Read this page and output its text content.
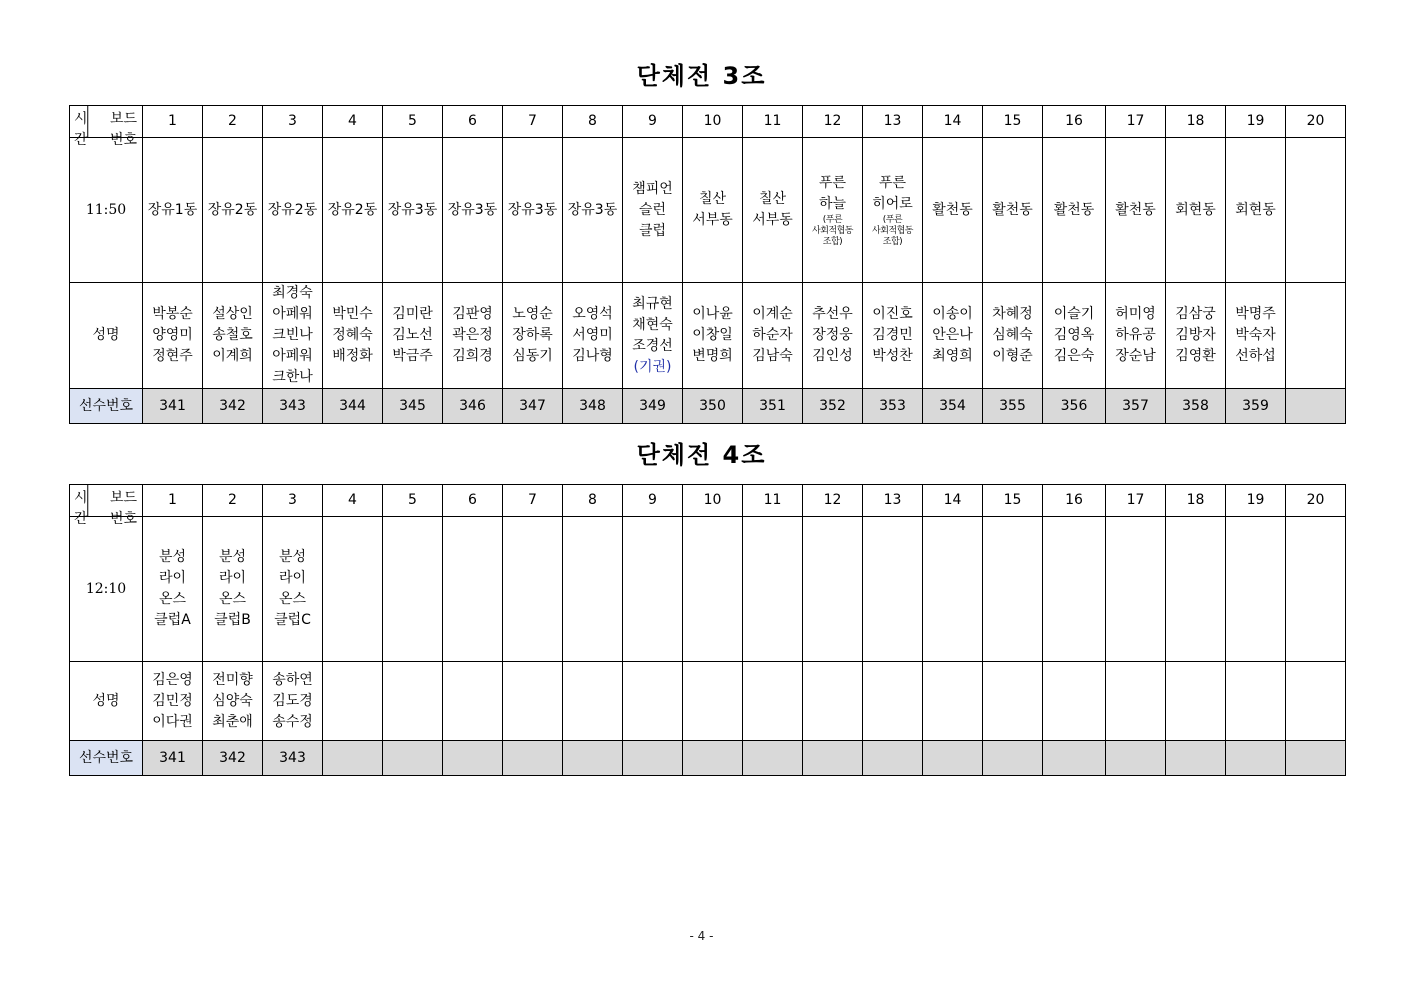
단체전 3조
시간
보드
번호	1	2	3	4	5	6	7	8	9	10	11	12	13	14	15	16	17	18	19	20
11:50	장유1동	장유2동	장유2동	장유2동	장유3동	장유3동	장유3동	장유3동	챔피언
슬런
클럽	칠산
서부동	칠산
서부동	푸른
하늘
(푸른
사회적협동
조합)	푸른
히어로
(푸른
사회적협동
조합)	활천동	활천동	활천동	활천동	회현동	회현동	

성명	박봉순
양영미
정현주	설상인
송철호
이계희	최경숙
아페워
크빈나
아페워
크한나	박민수
정혜숙
배정화	김미란
김노선
박금주	김판영
곽은정
김희경	노영순
장하록
심동기	오영석
서영미
김나형	최규현
채현숙
조경선
(기권)	이나윤
이창일
변명희	이계순
하순자
김남숙	추선우
장정웅
김인성	이진호
김경민
박성찬	이송이
안은나
최영희	차혜정
심혜숙
이형준	이슬기
김영옥
김은숙	허미영
하유공
장순남	김삼궁
김방자
김영환	박명주
박숙자
선하섭	

선수번호	341	342	343	344	345	346	347	348	349	350	351	352	353	354	355	356	357	358	359	
단체전 4조
시간
보드
번호	1	2	3	4	5	6	7	8	9	10	11	12	13	14	15	16	17	18	19	20
12:10	분성
라이
온스
클럽A	분성
라이
온스
클럽B	분성
라이
온스
클럽C																	

성명	김은영
김민정
이다권	전미향
심양숙
최춘애	송하연
김도경
송수정																	

선수번호	341	342	343																	
- 4 -
